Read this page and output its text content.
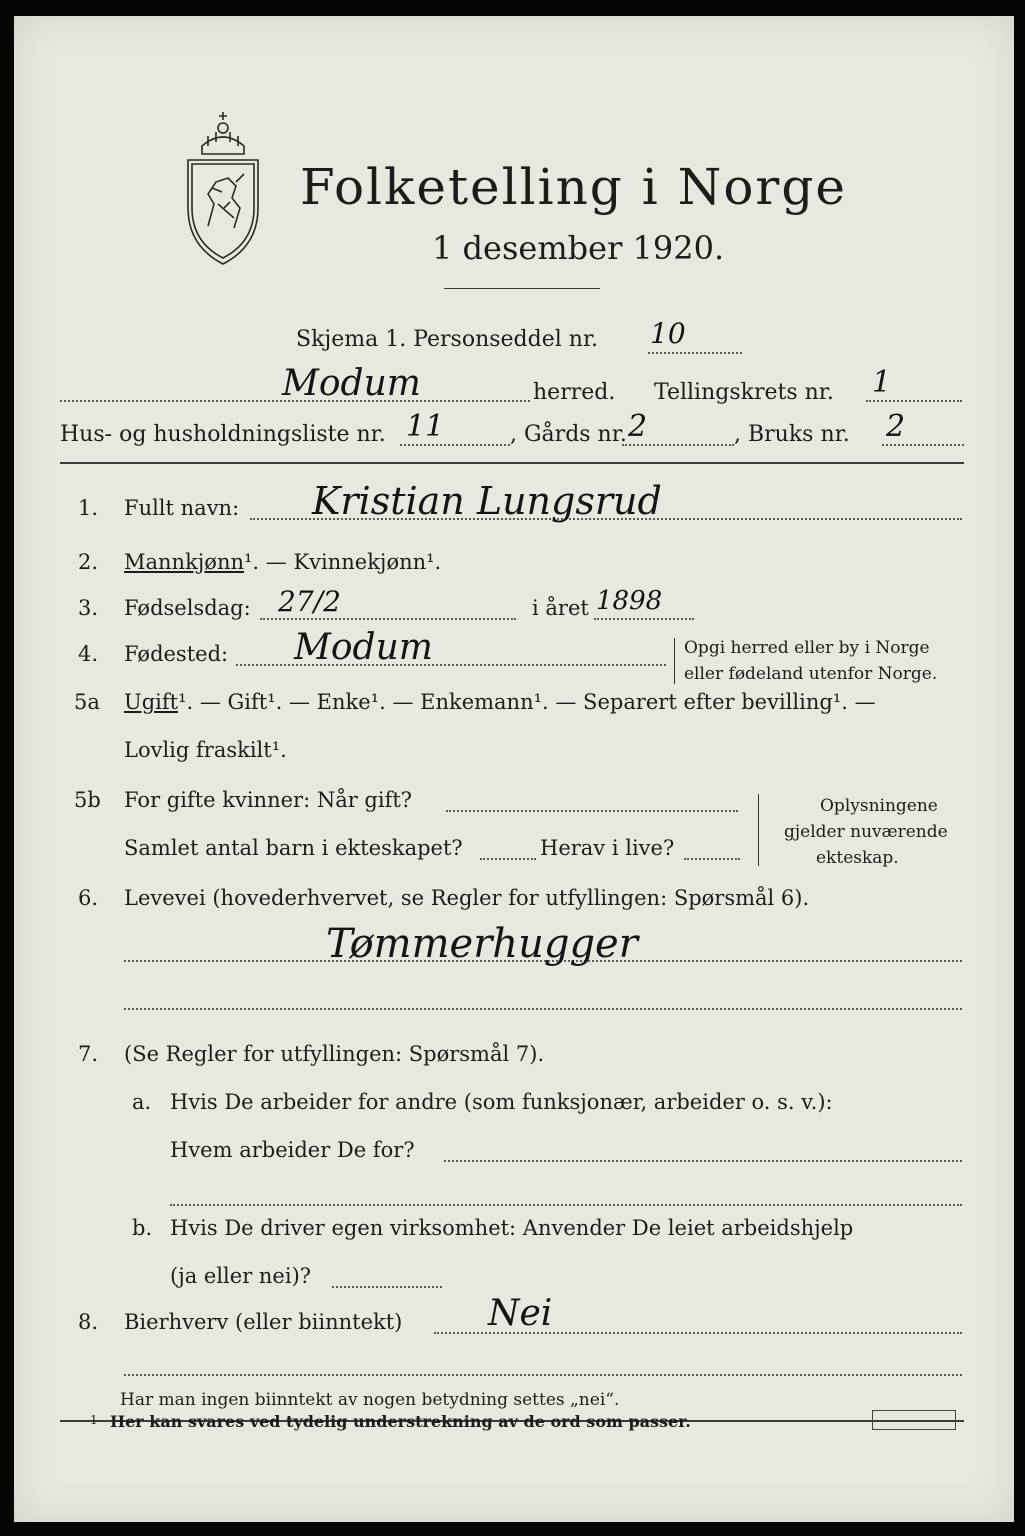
Folketelling i Norge
1 desember 1920.
Skjema 1. Personseddel nr. 10
Modum	herred. Tellingskrets nr. 1
Hus- og husholdningsliste nr. 11	, Gårds nr. 2	, Bruks nr. 2
1. Fullt navn: Kristian Lungsrud
2. Mannkjønn¹. — Kvinnekjønn¹.
3. Fødselsdag: 27/2	i året 1898
4. Fødested: Modum	Opgi herred eller by i Norge
eller fødeland utenfor Norge.
5a Ugift¹. — Gift¹. — Enke¹. — Enkemann¹. — Separert efter bevilling¹. —
Lovlig fraskilt¹.
5b For gifte kvinner: Når gift?
Samlet antal barn i ekteskapet?	Herav i live?
Oplysningene
gjelder nuværende
ekteskap.
6. Levevei (hovederhvervet, se Regler for utfyllingen: Spørsmål 6).
Tømmerhugger
7. (Se Regler for utfyllingen: Spørsmål 7).
a. Hvis De arbeider for andre (som funksjonær, arbeider o. s. v.):
Hvem arbeider De for?
b. Hvis De driver egen virksomhet: Anvender De leiet arbeidshjelp
(ja eller nei)?
8. Bierhverv (eller biinntekt) Nei
Har man ingen biinntekt av nogen betydning settes „nei“.
1 Her kan svares ved tydelig understrekning av de ord som passer.
